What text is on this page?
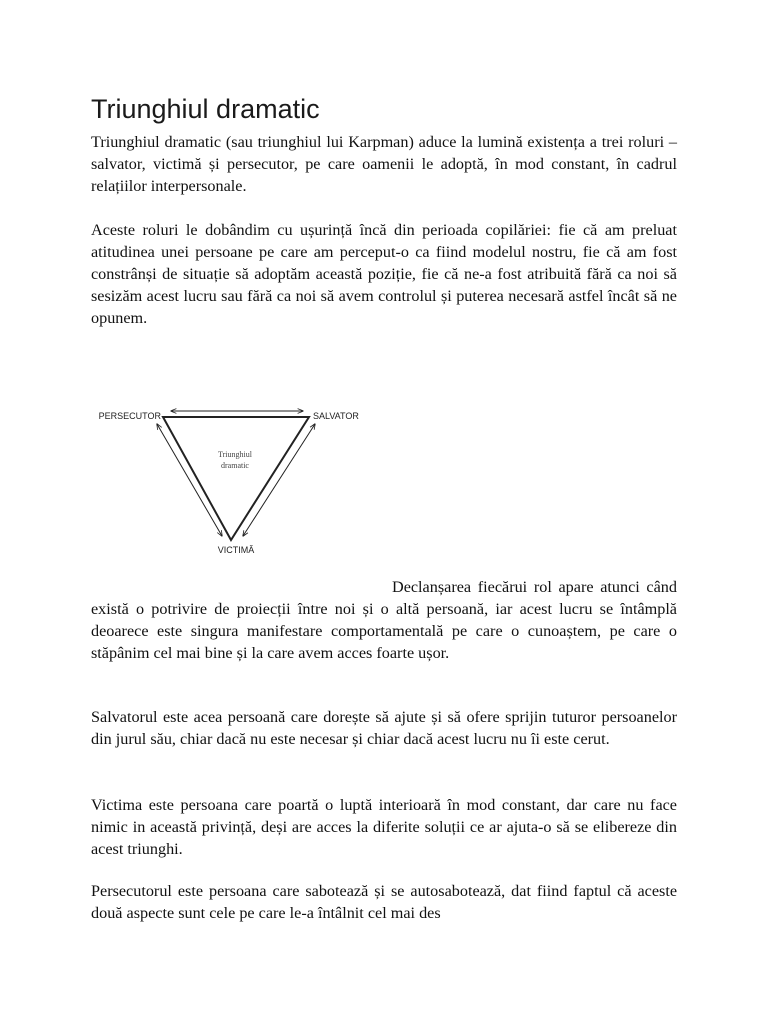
Triunghiul dramatic

Triunghiul dramatic (sau triunghiul lui Karpman) aduce la lumină existența a trei roluri – salvator, victimă și persecutor, pe care oamenii le adoptă, în mod constant, în cadrul relațiilor interpersonale.

Aceste roluri le dobândim cu ușurință încă din perioada copilăriei: fie că am preluat atitudinea unei persoane pe care am perceput-o ca fiind modelul nostru, fie că am fost constrânși de situație să adoptăm această poziție, fie că ne-a fost atribuită fără ca noi să sesizăm acest lucru sau fără ca noi să avem controlul și puterea necesară astfel încât să ne opunem.

PERSECUTOR	SALVATOR
VICTIMĂ
Triunghiul
dramatic

Declanșarea fiecărui rol apare atunci când există o potrivire de proiecții între noi și o altă persoană, iar acest lucru se întâmplă deoarece este singura manifestare comportamentală pe care o cunoaștem, pe care o stăpânim cel mai bine și la care avem acces foarte ușor.

Salvatorul este acea persoană care dorește să ajute și să ofere sprijin tuturor persoanelor din jurul său, chiar dacă nu este necesar și chiar dacă acest lucru nu îi este cerut.

Victima este persoana care poartă o luptă interioară în mod constant, dar care nu face nimic in această privință, deși are acces la diferite soluții ce ar ajuta-o să se elibereze din acest triunghi.

Persecutorul este persoana care sabotează și se autosabotează, dat fiind faptul că aceste două aspecte sunt cele pe care le-a întâlnit cel mai des
